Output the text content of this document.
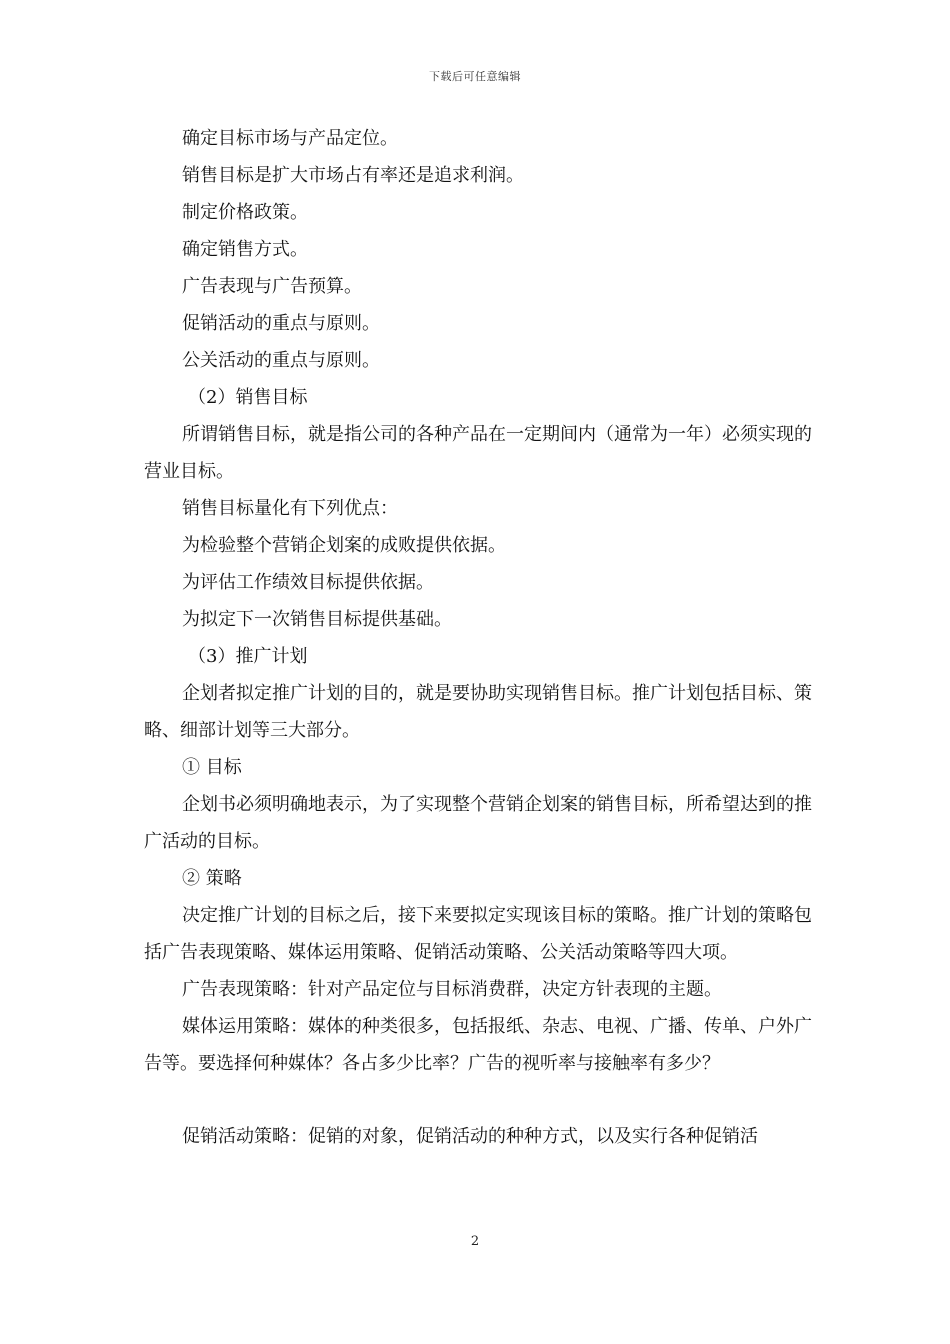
下载后可任意编辑

确定目标市场与产品定位。

销售目标是扩大市场占有率还是追求利润。

制定价格政策。

确定销售方式。

广告表现与广告预算。

促销活动的重点与原则。

公关活动的重点与原则。

（2）销售目标

所谓销售目标，就是指公司的各种产品在一定期间内（通常为一年）必须实现的营业目标。

销售目标量化有下列优点：

为检验整个营销企划案的成败提供依据。

为评估工作绩效目标提供依据。

为拟定下一次销售目标提供基础。

（3）推广计划

企划者拟定推广计划的目的，就是要协助实现销售目标。推广计划包括目标、策略、细部计划等三大部分。

① 目标

企划书必须明确地表示，为了实现整个营销企划案的销售目标，所希望达到的推广活动的目标。

② 策略

决定推广计划的目标之后，接下来要拟定实现该目标的策略。推广计划的策略包括广告表现策略、媒体运用策略、促销活动策略、公关活动策略等四大项。

广告表现策略：针对产品定位与目标消费群，决定方针表现的主题。

媒体运用策略：媒体的种类很多，包括报纸、杂志、电视、广播、传单、户外广告等。要选择何种媒体？各占多少比率？广告的视听率与接触率有多少？

促销活动策略：促销的对象，促销活动的种种方式，以及实行各种促销活

2
